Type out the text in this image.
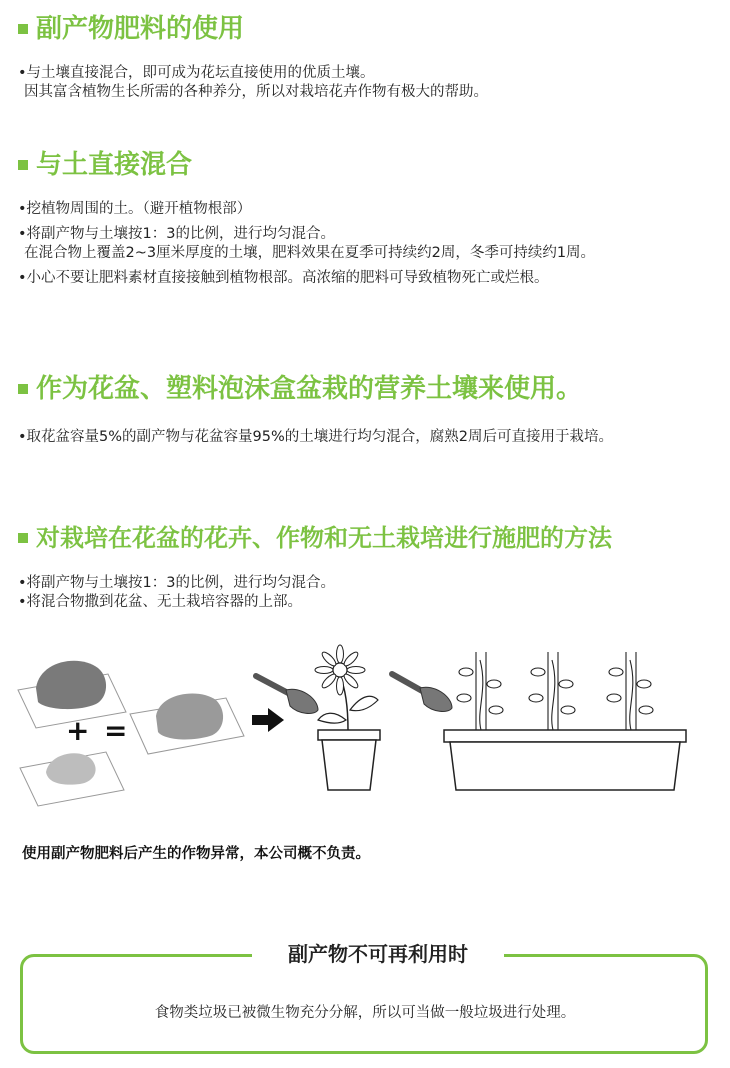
副产物肥料的使用
•与土壤直接混合，即可成为花坛直接使用的优质土壤。
因其富含植物生长所需的各种养分，所以对栽培花卉作物有极大的帮助。
与土直接混合
•挖植物周围的土。（避开植物根部）
•将副产物与土壤按1：3的比例，进行均匀混合。
在混合物上覆盖2~3厘米厚度的土壤，肥料效果在夏季可持续约2周，冬季可持续约1周。
•小心不要让肥料素材直接接触到植物根部。高浓缩的肥料可导致植物死亡或烂根。
作为花盆、塑料泡沫盒盆栽的营养土壤来使用。
•取花盆容量5%的副产物与花盆容量95%的土壤进行均匀混合，腐熟2周后可直接用于栽培。
对栽培在花盆的花卉、作物和无土栽培进行施肥的方法
•将副产物与土壤按1：3的比例，进行均匀混合。
•将混合物撒到花盆、无土栽培容器的上部。
+ =
使用副产物肥料后产生的作物异常，本公司概不负责。
副产物不可再利用时
食物类垃圾已被微生物充分分解，所以可当做一般垃圾进行处理。
